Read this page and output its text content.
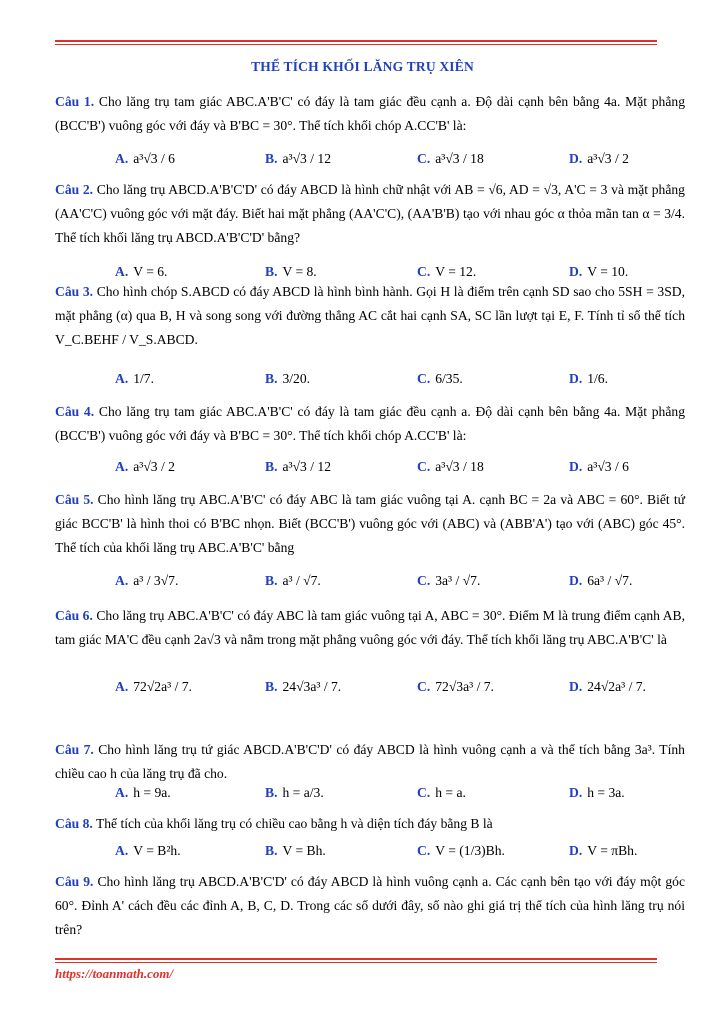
THỂ TÍCH KHỐI LĂNG TRỤ XIÊN
Câu 1. Cho lăng trụ tam giác ABC.A'B'C' có đáy là tam giác đều cạnh a. Độ dài cạnh bên bằng 4a. Mặt phẳng (BCC'B') vuông góc với đáy và B'BC = 30°. Thể tích khối chóp A.CC'B' là:
A. a³√3 / 6	B. a³√3 / 12	C. a³√3 / 18	D. a³√3 / 2
Câu 2. Cho lăng trụ ABCD.A'B'C'D' có đáy ABCD là hình chữ nhật với AB = √6, AD = √3, A'C = 3 và mặt phẳng (AA'C'C) vuông góc với mặt đáy. Biết hai mặt phẳng (AA'C'C), (AA'B'B) tạo với nhau góc α thỏa mãn tan α = 3/4. Thể tích khối lăng trụ ABCD.A'B'C'D' bằng?
A. V = 6.	B. V = 8.	C. V = 12.	D. V = 10.
Câu 3. Cho hình chóp S.ABCD có đáy ABCD là hình bình hành. Gọi H là điểm trên cạnh SD sao cho 5SH = 3SD, mặt phẳng (α) qua B, H và song song với đường thẳng AC cắt hai cạnh SA, SC lần lượt tại E, F. Tính tỉ số thể tích V_C.BEHF / V_S.ABCD.
A. 1/7.	B. 3/20.	C. 6/35.	D. 1/6.
Câu 4. Cho lăng trụ tam giác ABC.A'B'C' có đáy là tam giác đều cạnh a. Độ dài cạnh bên bằng 4a. Mặt phẳng (BCC'B') vuông góc với đáy và B'BC = 30°. Thể tích khối chóp A.CC'B' là:
A. a³√3 / 2	B. a³√3 / 12	C. a³√3 / 18	D. a³√3 / 6
Câu 5. Cho hình lăng trụ ABC.A'B'C' có đáy ABC là tam giác vuông tại A. cạnh BC = 2a và ABC = 60°. Biết tứ giác BCC'B' là hình thoi có B'BC nhọn. Biết (BCC'B') vuông góc với (ABC) và (ABB'A') tạo với (ABC) góc 45°. Thể tích của khối lăng trụ ABC.A'B'C' bằng
A. a³ / 3√7.	B. a³ / √7.	C. 3a³ / √7.	D. 6a³ / √7.
Câu 6. Cho lăng trụ ABC.A'B'C' có đáy ABC là tam giác vuông tại A, ABC = 30°. Điểm M là trung điểm cạnh AB, tam giác MA'C đều cạnh 2a√3 và nằm trong mặt phẳng vuông góc với đáy. Thể tích khối lăng trụ ABC.A'B'C' là
A. 72√2a³ / 7.	B. 24√3a³ / 7.	C. 72√3a³ / 7.	D. 24√2a³ / 7.
Câu 7. Cho hình lăng trụ tứ giác ABCD.A'B'C'D' có đáy ABCD là hình vuông cạnh a và thể tích bằng 3a³. Tính chiều cao h của lăng trụ đã cho.
A. h = 9a.	B. h = a/3.	C. h = a.	D. h = 3a.
Câu 8. Thể tích của khối lăng trụ có chiều cao bằng h và diện tích đáy bằng B là
A. V = B²h.	B. V = Bh.	C. V = (1/3)Bh.	D. V = πBh.
Câu 9. Cho hình lăng trụ ABCD.A'B'C'D' có đáy ABCD là hình vuông cạnh a. Các cạnh bên tạo với đáy một góc 60°. Đỉnh A' cách đều các đỉnh A, B, C, D. Trong các số dưới đây, số nào ghi giá trị thể tích của hình lăng trụ nói trên?
https://toanmath.com/
